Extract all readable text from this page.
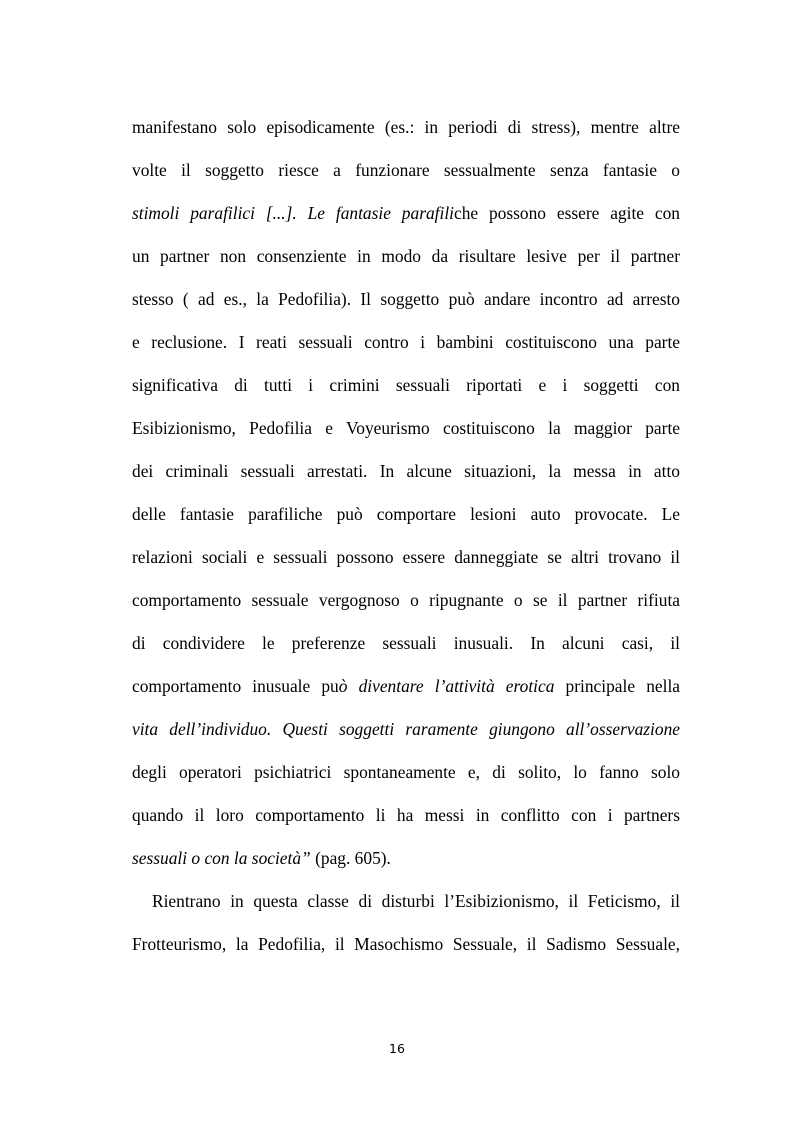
manifestano solo episodicamente (es.: in periodi di stress), mentre altre
volte il soggetto riesce a funzionare sessualmente senza fantasie o
stimoli parafilici [...]. Le fantasie parafiliche possono essere agite con
un partner non consenziente in modo da risultare lesive per il partner
stesso ( ad es., la Pedofilia). Il soggetto può andare incontro ad arresto
e reclusione. I reati sessuali contro i bambini costituiscono una parte
significativa di tutti i crimini sessuali riportati e i soggetti con
Esibizionismo, Pedofilia e Voyeurismo costituiscono la maggior parte
dei criminali sessuali arrestati. In alcune situazioni, la messa in atto
delle fantasie parafiliche può comportare lesioni auto provocate. Le
relazioni sociali e sessuali possono essere danneggiate se altri trovano il
comportamento sessuale vergognoso o ripugnante o se il partner rifiuta
di condividere le preferenze sessuali inusuali. In alcuni casi, il
comportamento inusuale può diventare l’attività erotica principale nella
vita dell’individuo. Questi soggetti raramente giungono all’osservazione
degli operatori psichiatrici spontaneamente e, di solito, lo fanno solo
quando il loro comportamento li ha messi in conflitto con i partners
sessuali o con la società” (pag. 605).
Rientrano in questa classe di disturbi l’Esibizionismo, il Feticismo, il
Frotteurismo, la Pedofilia, il Masochismo Sessuale, il Sadismo Sessuale,
16
